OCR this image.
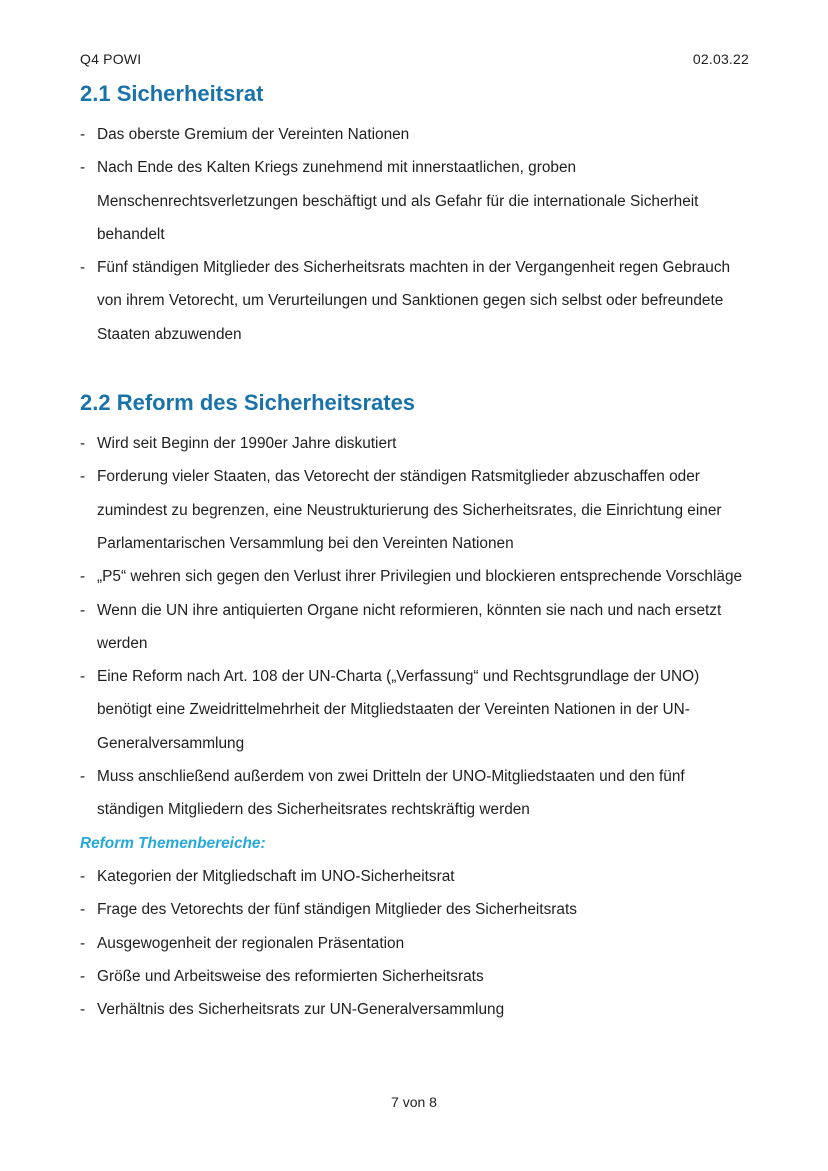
Q4 POWI	02.03.22
2.1 Sicherheitsrat
- Das oberste Gremium der Vereinten Nationen
- Nach Ende des Kalten Kriegs zunehmend mit innerstaatlichen, groben Menschenrechtsverletzungen beschäftigt und als Gefahr für die internationale Sicherheit behandelt
- Fünf ständigen Mitglieder des Sicherheitsrats machten in der Vergangenheit regen Gebrauch von ihrem Vetorecht, um Verurteilungen und Sanktionen gegen sich selbst oder befreundete Staaten abzuwenden
2.2 Reform des Sicherheitsrates
- Wird seit Beginn der 1990er Jahre diskutiert
- Forderung vieler Staaten, das Vetorecht der ständigen Ratsmitglieder abzuschaffen oder zumindest zu begrenzen, eine Neustrukturierung des Sicherheitsrates, die Einrichtung einer Parlamentarischen Versammlung bei den Vereinten Nationen
- „P5“ wehren sich gegen den Verlust ihrer Privilegien und blockieren entsprechende Vorschläge
- Wenn die UN ihre antiquierten Organe nicht reformieren, könnten sie nach und nach ersetzt werden
- Eine Reform nach Art. 108 der UN-Charta („Verfassung“ und Rechtsgrundlage der UNO) benötigt eine Zweidrittelmehrheit der Mitgliedstaaten der Vereinten Nationen in der UN-Generalversammlung
- Muss anschließend außerdem von zwei Dritteln der UNO-Mitgliedstaaten und den fünf ständigen Mitgliedern des Sicherheitsrates rechtskräftig werden
Reform Themenbereiche:
- Kategorien der Mitgliedschaft im UNO-Sicherheitsrat
- Frage des Vetorechts der fünf ständigen Mitglieder des Sicherheitsrats
- Ausgewogenheit der regionalen Präsentation
- Größe und Arbeitsweise des reformierten Sicherheitsrats
- Verhältnis des Sicherheitsrats zur UN-Generalversammlung
7 von 8
